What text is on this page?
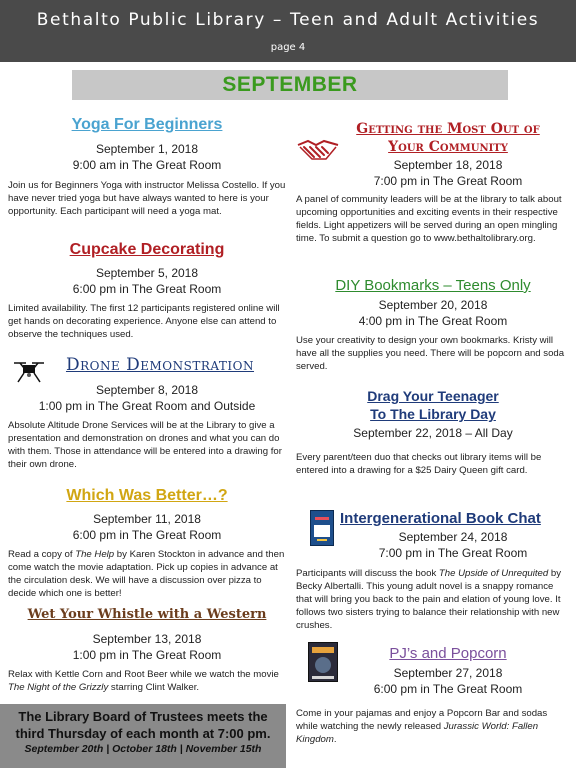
Bethalto Public Library – Teen and Adult Activities
page 4
SEPTEMBER
Yoga For Beginners
September 1, 2018
9:00 am in The Great Room
Join us for Beginners Yoga with instructor Melissa Costello. If you have never tried yoga but have always wanted to here is your opportunity. Each participant will need a yoga mat.
Cupcake Decorating
September 5, 2018
6:00 pm in The Great Room
Limited availability. The first 12 participants registered online will get hands on decorating experience. Anyone else can attend to observe the techniques used.
Drone Demonstration
September 8, 2018
1:00 pm in The Great Room and Outside
Absolute Altitude Drone Services will be at the Library to give a presentation and demonstration on drones and what you can do with them. Those in attendance will be entered into a drawing for their own drone.
Which Was Better…?
September 11, 2018
6:00 pm in The Great Room
Read a copy of The Help by Karen Stockton in advance and then come watch the movie adaptation. Pick up copies in advance at the circulation desk. We will have a discussion over pizza to decide which one is better!
Wet Your Whistle with a Western
September 13, 2018
1:00 pm in The Great Room
Relax with Kettle Corn and Root Beer while we watch the movie The Night of the Grizzly starring Clint Walker.
The Library Board of Trustees meets the
third Thursday of each month at 7:00 pm.
September 20th | October 18th | November 15th
Getting the Most Out of
Your Community
September 18, 2018
7:00 pm in The Great Room
A panel of community leaders will be at the library to talk about upcoming opportunities and exciting events in their respective fields. Light appetizers will be served during an open mingling time. To submit a question go to www.bethaltolibrary.org.
DIY Bookmarks – Teens Only
September 20, 2018
4:00 pm in The Great Room
Use your creativity to design your own bookmarks. Kristy will have all the supplies you need. There will be popcorn and soda served.
Drag Your Teenager
To The Library Day
September 22, 2018 – All Day
Every parent/teen duo that checks out library items will be entered into a drawing for a $25 Dairy Queen gift card.
Intergenerational Book Chat
September 24, 2018
7:00 pm in The Great Room
Participants will discuss the book The Upside of Unrequited by Becky Albertalli. This young adult novel is a snappy romance that will bring you back to the pain and elation of young love. It follows two sisters trying to balance their relationship with new crushes.
PJ’s and Popcorn
September 27, 2018
6:00 pm in The Great Room
Come in your pajamas and enjoy a Popcorn Bar and sodas while watching the newly released Jurassic World: Fallen Kingdom.
